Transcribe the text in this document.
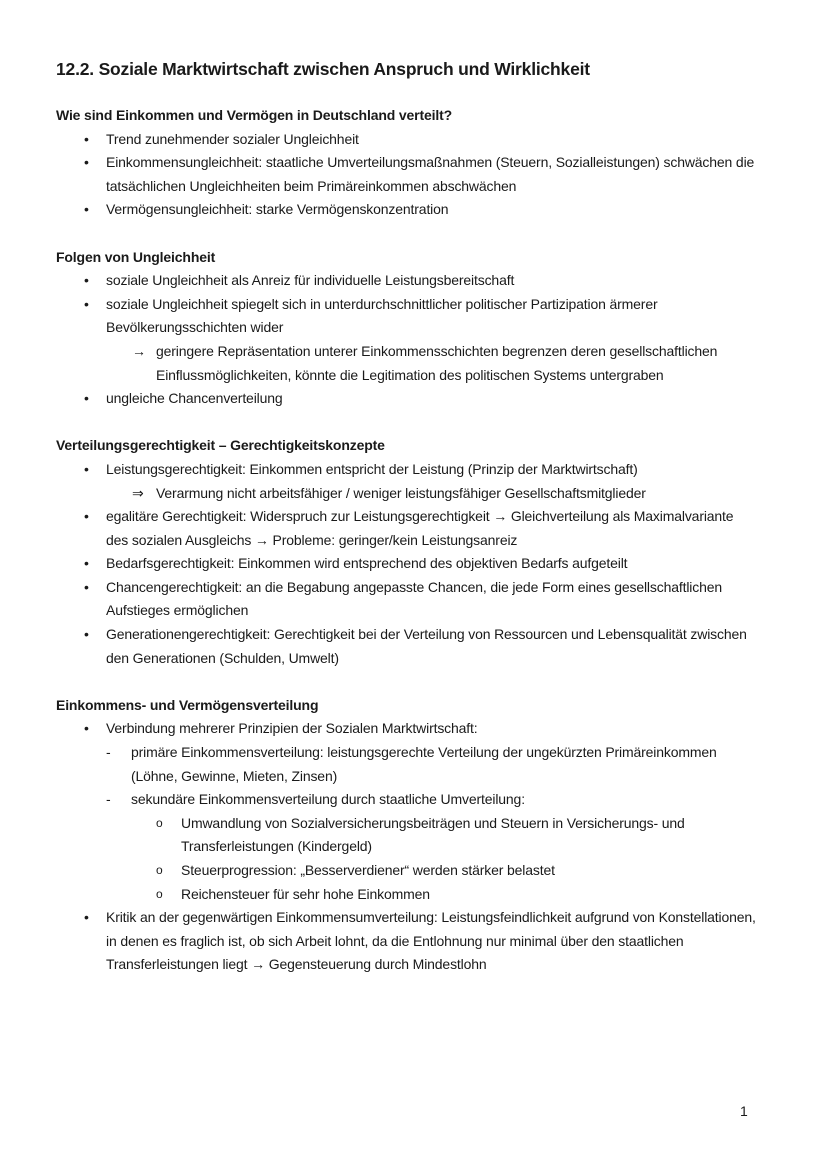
12.2. Soziale Marktwirtschaft zwischen Anspruch und Wirklichkeit
Wie sind Einkommen und Vermögen in Deutschland verteilt?
• Trend zunehmender sozialer Ungleichheit
• Einkommensungleichheit: staatliche Umverteilungsmaßnahmen (Steuern, Sozialleistungen) schwächen die tatsächlichen Ungleichheiten beim Primäreinkommen abschwächen
• Vermögensungleichheit: starke Vermögenskonzentration
Folgen von Ungleichheit
• soziale Ungleichheit als Anreiz für individuelle Leistungsbereitschaft
• soziale Ungleichheit spiegelt sich in unterdurchschnittlicher politischer Partizipation ärmerer Bevölkerungsschichten wider
→ geringere Repräsentation unterer Einkommensschichten begrenzen deren gesellschaftlichen Einflussmöglichkeiten, könnte die Legitimation des politischen Systems untergraben
• ungleiche Chancenverteilung
Verteilungsgerechtigkeit – Gerechtigkeitskonzepte
• Leistungsgerechtigkeit: Einkommen entspricht der Leistung (Prinzip der Marktwirtschaft)
⇒ Verarmung nicht arbeitsfähiger / weniger leistungsfähiger Gesellschaftsmitglieder
• egalitäre Gerechtigkeit: Widerspruch zur Leistungsgerechtigkeit → Gleichverteilung als Maximalvariante des sozialen Ausgleichs → Probleme: geringer/kein Leistungsanreiz
• Bedarfsgerechtigkeit: Einkommen wird entsprechend des objektiven Bedarfs aufgeteilt
• Chancengerechtigkeit: an die Begabung angepasste Chancen, die jede Form eines gesellschaftlichen Aufstieges ermöglichen
• Generationengerechtigkeit: Gerechtigkeit bei der Verteilung von Ressourcen und Lebensqualität zwischen den Generationen (Schulden, Umwelt)
Einkommens- und Vermögensverteilung
• Verbindung mehrerer Prinzipien der Sozialen Marktwirtschaft:
- primäre Einkommensverteilung: leistungsgerechte Verteilung der ungekürzten Primäreinkommen (Löhne, Gewinne, Mieten, Zinsen)
- sekundäre Einkommensverteilung durch staatliche Umverteilung:
o Umwandlung von Sozialversicherungsbeiträgen und Steuern in Versicherungs- und Transferleistungen (Kindergeld)
o Steuerprogression: „Besserverdiener“ werden stärker belastet
o Reichensteuer für sehr hohe Einkommen
• Kritik an der gegenwärtigen Einkommensumverteilung: Leistungsfeindlichkeit aufgrund von Konstellationen, in denen es fraglich ist, ob sich Arbeit lohnt, da die Entlohnung nur minimal über den staatlichen Transferleistungen liegt → Gegensteuerung durch Mindestlohn
1
